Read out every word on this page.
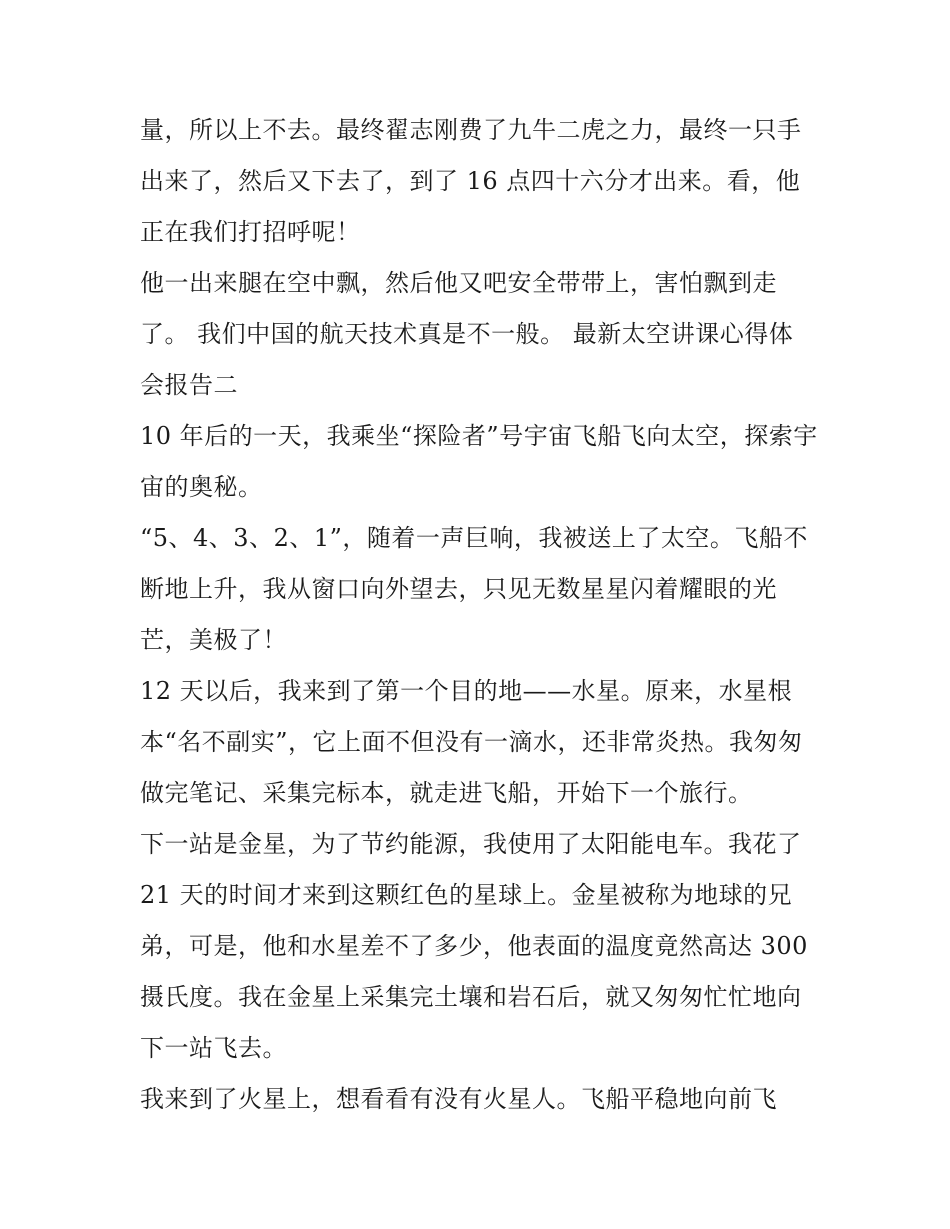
量，所以上不去。最终翟志刚费了九牛二虎之力，最终一只手
出来了，然后又下去了，到了 16 点四十六分才出来。看，他
正在我们打招呼呢！
他一出来腿在空中飘，然后他又吧安全带带上，害怕飘到走
了。 我们中国的航天技术真是不一般。 最新太空讲课心得体
会报告二
10 年后的一天，我乘坐“探险者”号宇宙飞船飞向太空，探索宇
宙的奥秘。
“5、4、3、2、1”，随着一声巨响，我被送上了太空。飞船不
断地上升，我从窗口向外望去，只见无数星星闪着耀眼的光
芒，美极了！
12 天以后，我来到了第一个目的地——水星。原来，水星根
本“名不副实”，它上面不但没有一滴水，还非常炎热。我匆匆
做完笔记、采集完标本，就走进飞船，开始下一个旅行。
下一站是金星，为了节约能源，我使用了太阳能电车。我花了
21 天的时间才来到这颗红色的星球上。金星被称为地球的兄
弟，可是，他和水星差不了多少，他表面的温度竟然高达 300
摄氏度。我在金星上采集完土壤和岩石后，就又匆匆忙忙地向
下一站飞去。
我来到了火星上，想看看有没有火星人。飞船平稳地向前飞
